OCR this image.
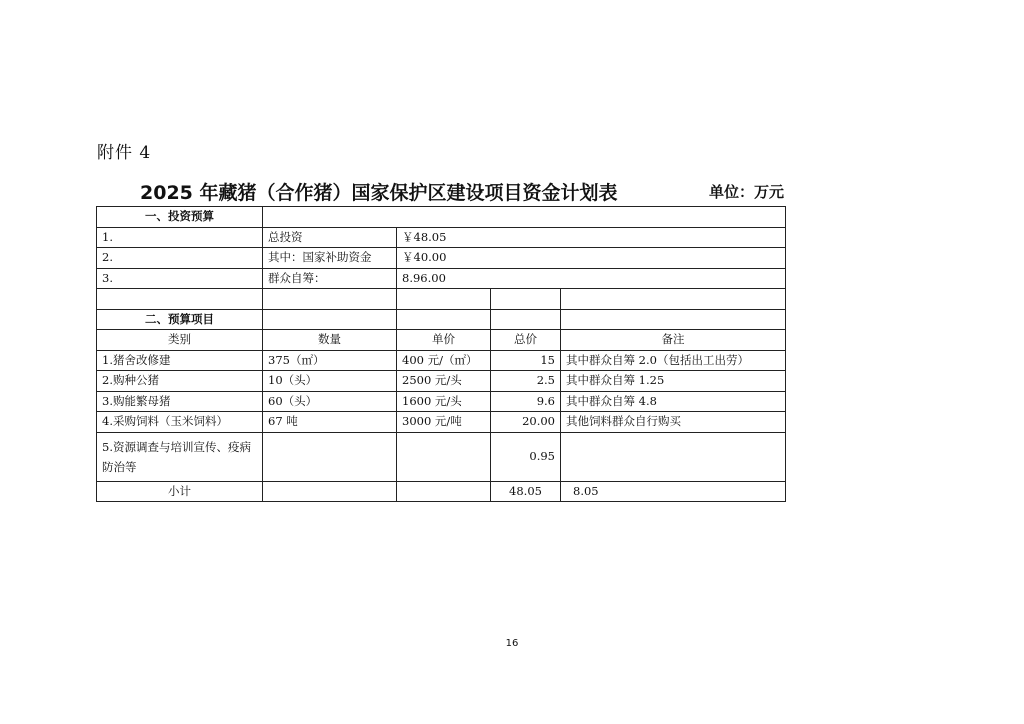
附件 4
2025 年藏猪（合作猪）国家保护区建设项目资金计划表	单位：万元
一、投资预算				
1.	总投资	￥48.05		
2.	其中：国家补助资金	￥40.00		
3.	群众自筹：	8.96.00		

二、预算项目				
类别	数量	单价	总价	备注
1.猪舍改修建	375（㎡）	400 元/（㎡）	15	其中群众自筹 2.0（包括出工出劳）
2.购种公猪	10（头）	2500 元/头	2.5	其中群众自筹 1.25
3.购能繁母猪	60（头）	1600 元/头	9.6	其中群众自筹 4.8
4.采购饲料（玉米饲料）	67 吨	3000 元/吨	20.00	其他饲料群众自行购买
5.资源调查与培训宣传、疫病防治等			0.95	
小计			48.05	8.05
16
